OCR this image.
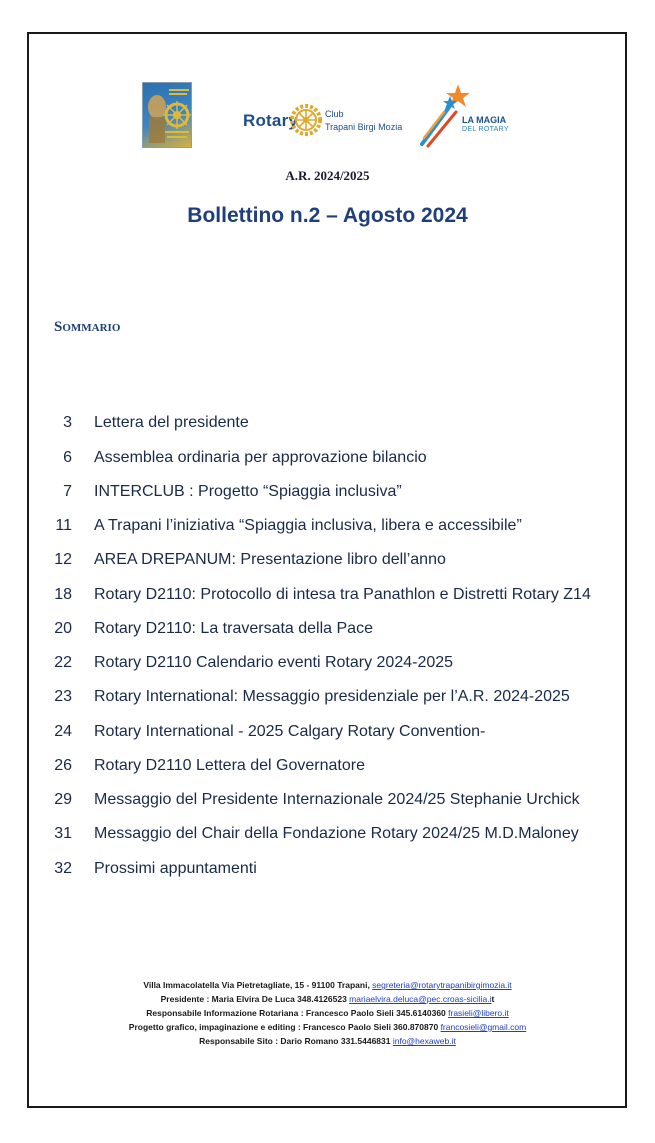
Rotary	Club
Trapani Birgi Mozia
LA MAGIA
DEL ROTARY
A.R. 2024/2025
Bollettino n.2 – Agosto 2024
Sommario
3 Lettera del presidente
6 Assemblea ordinaria per approvazione bilancio
7 INTERCLUB : Progetto “Spiaggia inclusiva”
11 A Trapani l’iniziativa “Spiaggia inclusiva, libera e accessibile”
12 AREA DREPANUM: Presentazione libro dell’anno
18 Rotary D2110: Protocollo di intesa tra Panathlon e Distretti Rotary Z14
20 Rotary D2110: La traversata della Pace
22 Rotary D2110 Calendario eventi Rotary 2024-2025
23 Rotary International: Messaggio presidenziale per l’A.R. 2024-2025
24 Rotary International - 2025 Calgary Rotary Convention-
26 Rotary D2110 Lettera del Governatore
29 Messaggio del Presidente Internazionale 2024/25 Stephanie Urchick
31 Messaggio del Chair della Fondazione Rotary 2024/25 M.D.Maloney
32 Prossimi appuntamenti
Villa Immacolatella Via Pietretagliate, 15 - 91100 Trapani, segreteria@rotarytrapanibirgimozia.it
Presidente : Maria Elvira De Luca 348.4126523 mariaelvira.deluca@pec.croas-sicilia.it
Responsabile Informazione Rotariana : Francesco Paolo Sieli 345.6140360 frasieli@libero.it
Progetto grafico, impaginazione e editing : Francesco Paolo Sieli 360.870870 francosieli@gmail.com
Responsabile Sito : Dario Romano 331.5446831 info@hexaweb.it
